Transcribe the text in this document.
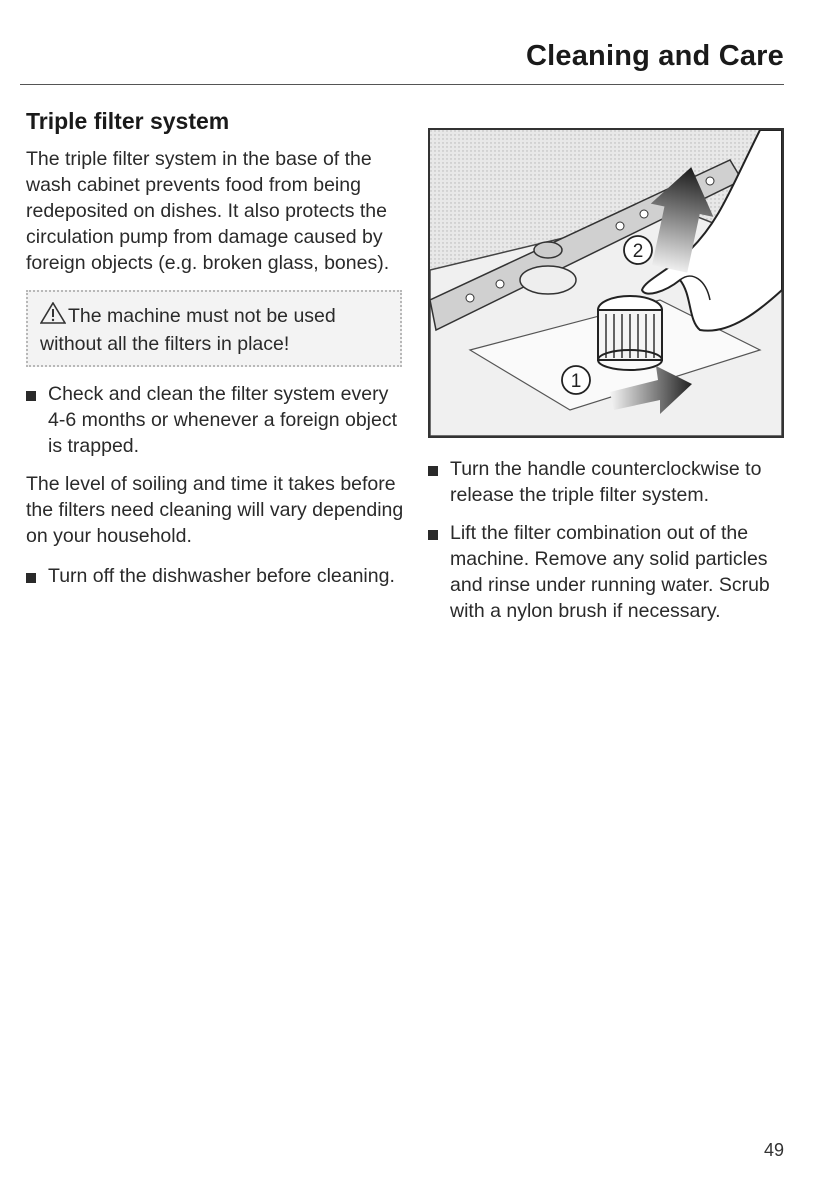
Cleaning and Care
Triple filter system

The triple filter system in the base of the wash cabinet prevents food from being redeposited on dishes. It also protects the circulation pump from damage caused by foreign objects (e.g. broken glass, bones).

The machine must not be used without all the filters in place!
Check and clean the filter system every 4-6 months or whenever a foreign object is trapped.

The level of soiling and time it takes before the filters need cleaning will vary depending on your household.

Turn off the dishwasher before cleaning.
2
1
Turn the handle counterclockwise to release the triple filter system.
Lift the filter combination out of the machine. Remove any solid particles and rinse under running water. Scrub with a nylon brush if necessary.
49
